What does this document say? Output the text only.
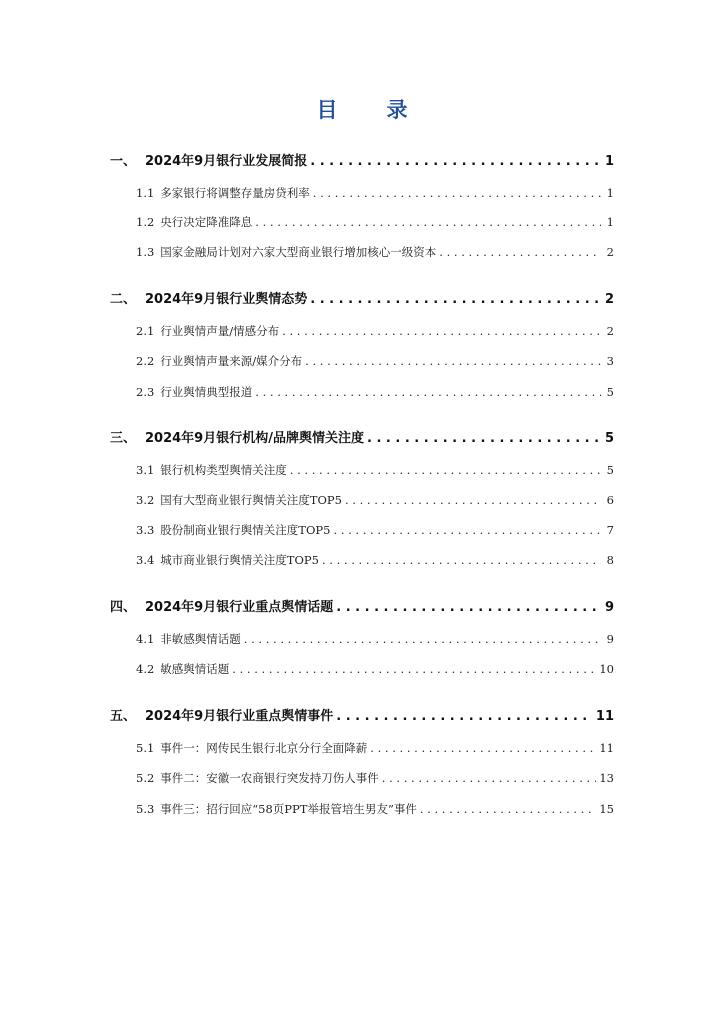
目　录
一、 2024年9月银行业发展简报 . . .	1
1.1 多家银行将调整存量房贷利率 . . .	1
1.2 央行决定降准降息 . . .	1
1.3 国家金融局计划对六家大型商业银行增加核心一级资本 . . .	2
二、 2024年9月银行业舆情态势 . . .	2
2.1 行业舆情声量/情感分布 . . .	2
2.2 行业舆情声量来源/媒介分布 . . .	3
2.3 行业舆情典型报道 . . .	5
三、 2024年9月银行机构/品牌舆情关注度 . . .	5
3.1 银行机构类型舆情关注度 . . .	5
3.2 国有大型商业银行舆情关注度TOP5 . . .	6
3.3 股份制商业银行舆情关注度TOP5 . . .	7
3.4 城市商业银行舆情关注度TOP5 . . .	8
四、 2024年9月银行业重点舆情话题 . . .	9
4.1 非敏感舆情话题 . . .	9
4.2 敏感舆情话题 . . .	10
五、 2024年9月银行业重点舆情事件 . . .	11
5.1 事件一：网传民生银行北京分行全面降薪 . . .	11
5.2 事件二：安徽一农商银行突发持刀伤人事件 . . .	13
5.3 事件三：招行回应“58页PPT举报管培生男友”事件 . . .	15
